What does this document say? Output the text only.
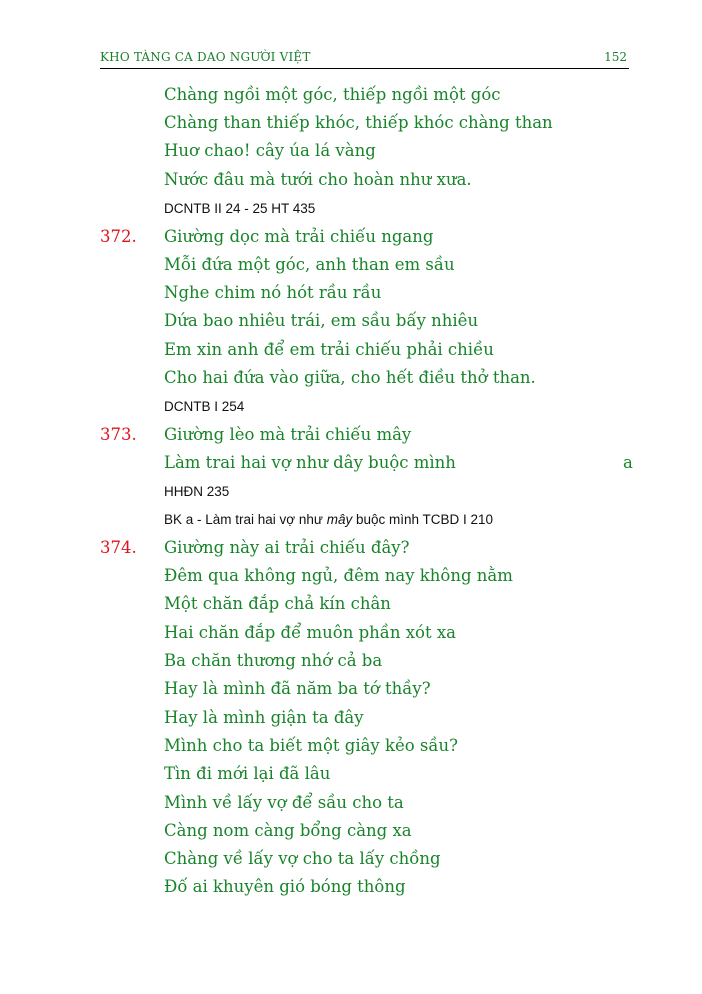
KHO TÀNG CA DAO NGƯỜI VIỆT	152
Chàng ngồi một góc, thiếp ngồi một góc
Chàng than thiếp khóc, thiếp khóc chàng than
Huơ chao! cây úa lá vàng
Nước đâu mà tưới cho hoàn như xưa.
DCNTB II 24 - 25 HT 435
372. Giường dọc mà trải chiếu ngang
Mỗi đứa một góc, anh than em sầu
Nghe chim nó hót rầu rầu
Dứa bao nhiêu trái, em sầu bấy nhiêu
Em xin anh để em trải chiếu phải chiều
Cho hai đứa vào giữa, cho hết điều thở than.
DCNTB I 254
373. Giường lèo mà trải chiếu mây
Làm trai hai vợ như dây buộc mình	a
HHĐN 235
BK a - Làm trai hai vợ như mây buộc mình TCBD I 210
374. Giường này ai trải chiếu đây?
Đêm qua không ngủ, đêm nay không nằm
Một chăn đắp chả kín chân
Hai chăn đắp để muôn phần xót xa
Ba chăn thương nhớ cả ba
Hay là mình đã năm ba tớ thầy?
Hay là mình giận ta đây
Mình cho ta biết một giây kẻo sầu?
Tìn đi mới lại đã lâu
Mình về lấy vợ để sầu cho ta
Càng nom càng bổng càng xa
Chàng về lấy vợ cho ta lấy chồng
Đố ai khuyên gió bóng thông
